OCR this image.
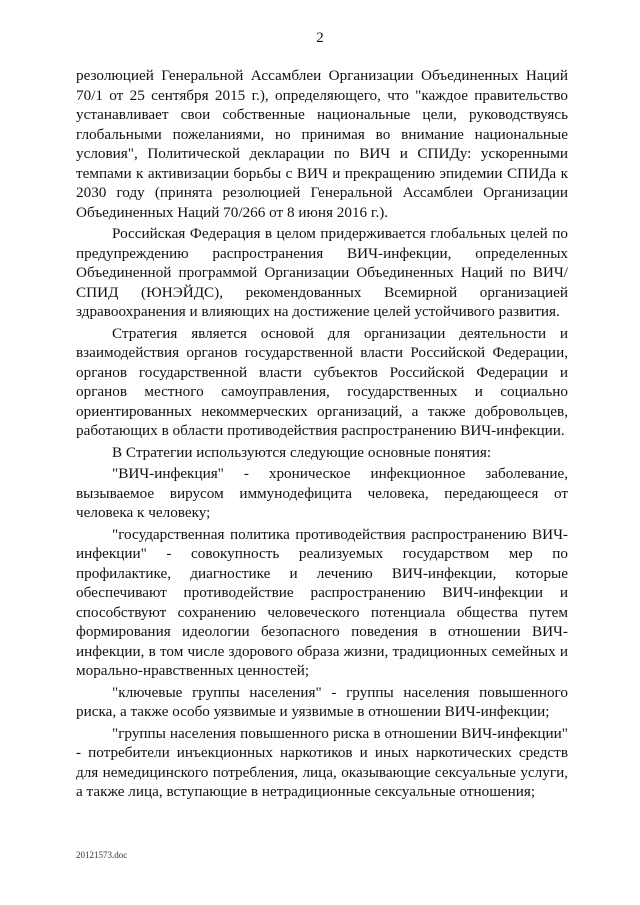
2

резолюцией Генеральной Ассамблеи Организации Объединенных Наций 70/1 от 25 сентября 2015 г.), определяющего, что "каждое правительство устанавливает свои собственные национальные цели, руководствуясь глобальными пожеланиями, но принимая во внимание национальные условия", Политической декларации по ВИЧ и СПИДу: ускоренными темпами к активизации борьбы с ВИЧ и прекращению эпидемии СПИДа к 2030 году (принята резолюцией Генеральной Ассамблеи Организации Объединенных Наций 70/266 от 8 июня 2016 г.).

Российская Федерация в целом придерживается глобальных целей по предупреждению распространения ВИЧ-инфекции, определенных Объединенной программой Организации Объединенных Наций по ВИЧ/СПИД (ЮНЭЙДС), рекомендованных Всемирной организацией здравоохранения и влияющих на достижение целей устойчивого развития.

Стратегия является основой для организации деятельности и взаимодействия органов государственной власти Российской Федерации, органов государственной власти субъектов Российской Федерации и органов местного самоуправления, государственных и социально ориентированных некоммерческих организаций, а также добровольцев, работающих в области противодействия распространению ВИЧ-инфекции.

В Стратегии используются следующие основные понятия:

"ВИЧ-инфекция" - хроническое инфекционное заболевание, вызываемое вирусом иммунодефицита человека, передающееся от человека к человеку;

"государственная политика противодействия распространению ВИЧ-инфекции" - совокупность реализуемых государством мер по профилактике, диагностике и лечению ВИЧ-инфекции, которые обеспечивают противодействие распространению ВИЧ-инфекции и способствуют сохранению человеческого потенциала общества путем формирования идеологии безопасного поведения в отношении ВИЧ-инфекции, в том числе здорового образа жизни, традиционных семейных и морально-нравственных ценностей;

"ключевые группы населения" - группы населения повышенного риска, а также особо уязвимые и уязвимые в отношении ВИЧ-инфекции;

"группы населения повышенного риска в отношении ВИЧ-инфекции" - потребители инъекционных наркотиков и иных наркотических средств для немедицинского потребления, лица, оказывающие сексуальные услуги, а также лица, вступающие в нетрадиционные сексуальные отношения;

20121573.doc
